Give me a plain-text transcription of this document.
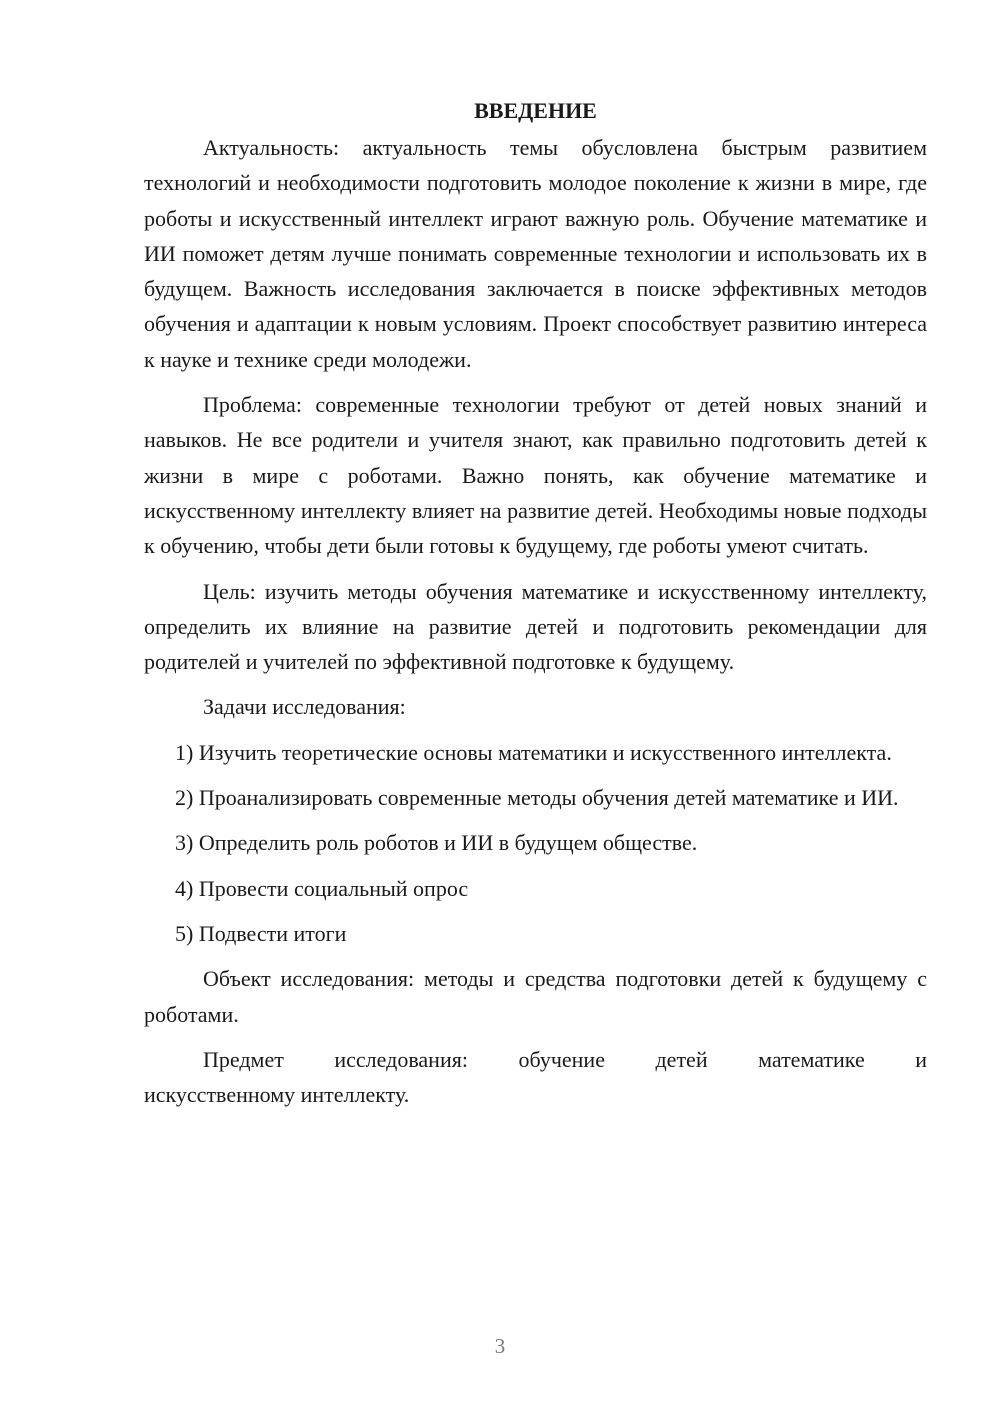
ВВЕДЕНИЕ

Актуальность: актуальность темы обусловлена быстрым развитием технологий и необходимости подготовить молодое поколение к жизни в мире, где роботы и искусственный интеллект играют важную роль. Обучение математике и ИИ поможет детям лучше понимать современные технологии и использовать их в будущем. Важность исследования заключается в поиске эффективных методов обучения и адаптации к новым условиям. Проект способствует развитию интереса к науке и технике среди молодежи.

Проблема: современные технологии требуют от детей новых знаний и навыков. Не все родители и учителя знают, как правильно подготовить детей к жизни в мире с роботами. Важно понять, как обучение математике и искусственному интеллекту влияет на развитие детей. Необходимы новые подходы к обучению, чтобы дети были готовы к будущему, где роботы умеют считать.

Цель: изучить методы обучения математике и искусственному интеллекту, определить их влияние на развитие детей и подготовить рекомендации для родителей и учителей по эффективной подготовке к будущему.

Задачи исследования:

1) Изучить теоретические основы математики и искусственного интеллекта.

2) Проанализировать современные методы обучения детей математике и ИИ.

3) Определить роль роботов и ИИ в будущем обществе.

4) Провести социальный опрос

5) Подвести итоги

Объект исследования: методы и средства подготовки детей к будущему с роботами.

Предмет исследования: обучение детей математике и
искусственному интеллекту.

3
